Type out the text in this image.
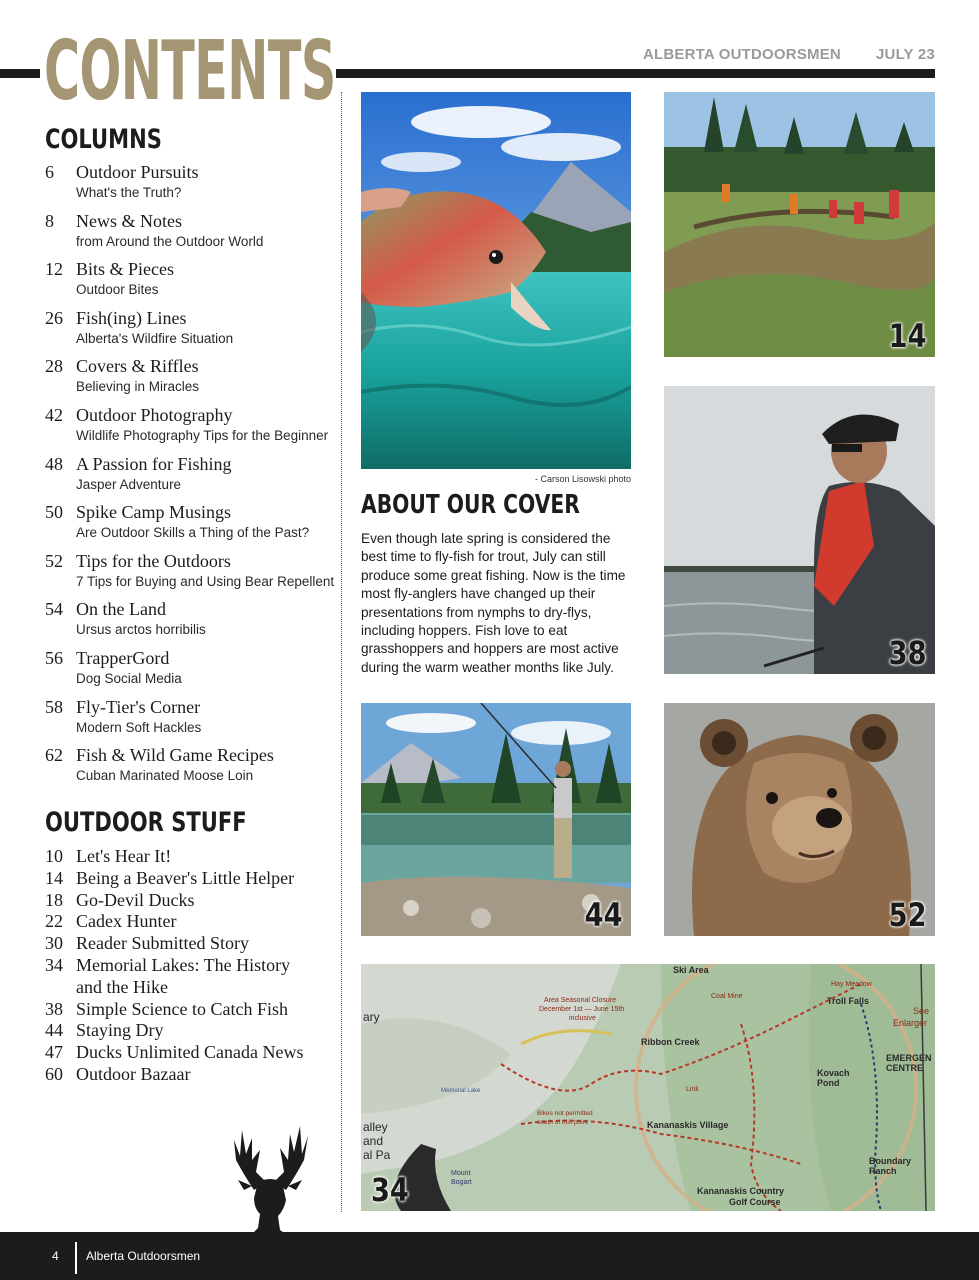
CONTENTS	ALBERTA OUTDOORSMEN JULY 23
COLUMNS
6	Outdoor Pursuits
What's the Truth?
8	News & Notes
from Around the Outdoor World
12 Bits & Pieces
Outdoor Bites
26 Fish(ing) Lines
Alberta's Wildfire Situation
28 Covers & Riffles
Believing in Miracles
42 Outdoor Photography
Wildlife Photography Tips for the Beginner
48 A Passion for Fishing
Jasper Adventure
50 Spike Camp Musings
Are Outdoor Skills a Thing of the Past?
52 Tips for the Outdoors
7 Tips for Buying and Using Bear Repellent
54 On the Land
Ursus arctos horribilis
56 TrapperGord
Dog Social Media
58 Fly-Tier's Corner
Modern Soft Hackles
62 Fish & Wild Game Recipes
Cuban Marinated Moose Loin
OUTDOOR STUFF
10 Let's Hear It!
14 Being a Beaver's Little Helper
18 Go-Devil Ducks
22 Cadex Hunter
30 Reader Submitted Story
34 Memorial Lakes: The History
and the Hike
38 Simple Science to Catch Fish
44 Staying Dry
47 Ducks Unlimited Canada News
60 Outdoor Bazaar
- Carson Lisowski photo
ABOUT OUR COVER
Even though late spring is considered the best time to fly-fish for trout, July can still produce some great fishing. Now is the time most fly-anglers have changed up their presentations from nymphs to dry-flys, including hoppers. Fish love to eat grasshoppers and hoppers are most active during the warm weather months like July.
14
38
44	52
Ski Area
Area Seasonal Closure
December 1st — June 15th
inclusive
Coal Mine
Hay Meadow
Troll Falls
See
Enlarger
Ribbon Creek
EMERGEN
CENTRE
Kovach
Pond
Link
Bikes not permitted
south of this point	Kananaskis Village
Boundary
Ranch
Kananaskis Country
Golf Course
alley
and
al Pa
ary
Mount
Bogart
Memorial Lake
34
4 Alberta Outdoorsmen
